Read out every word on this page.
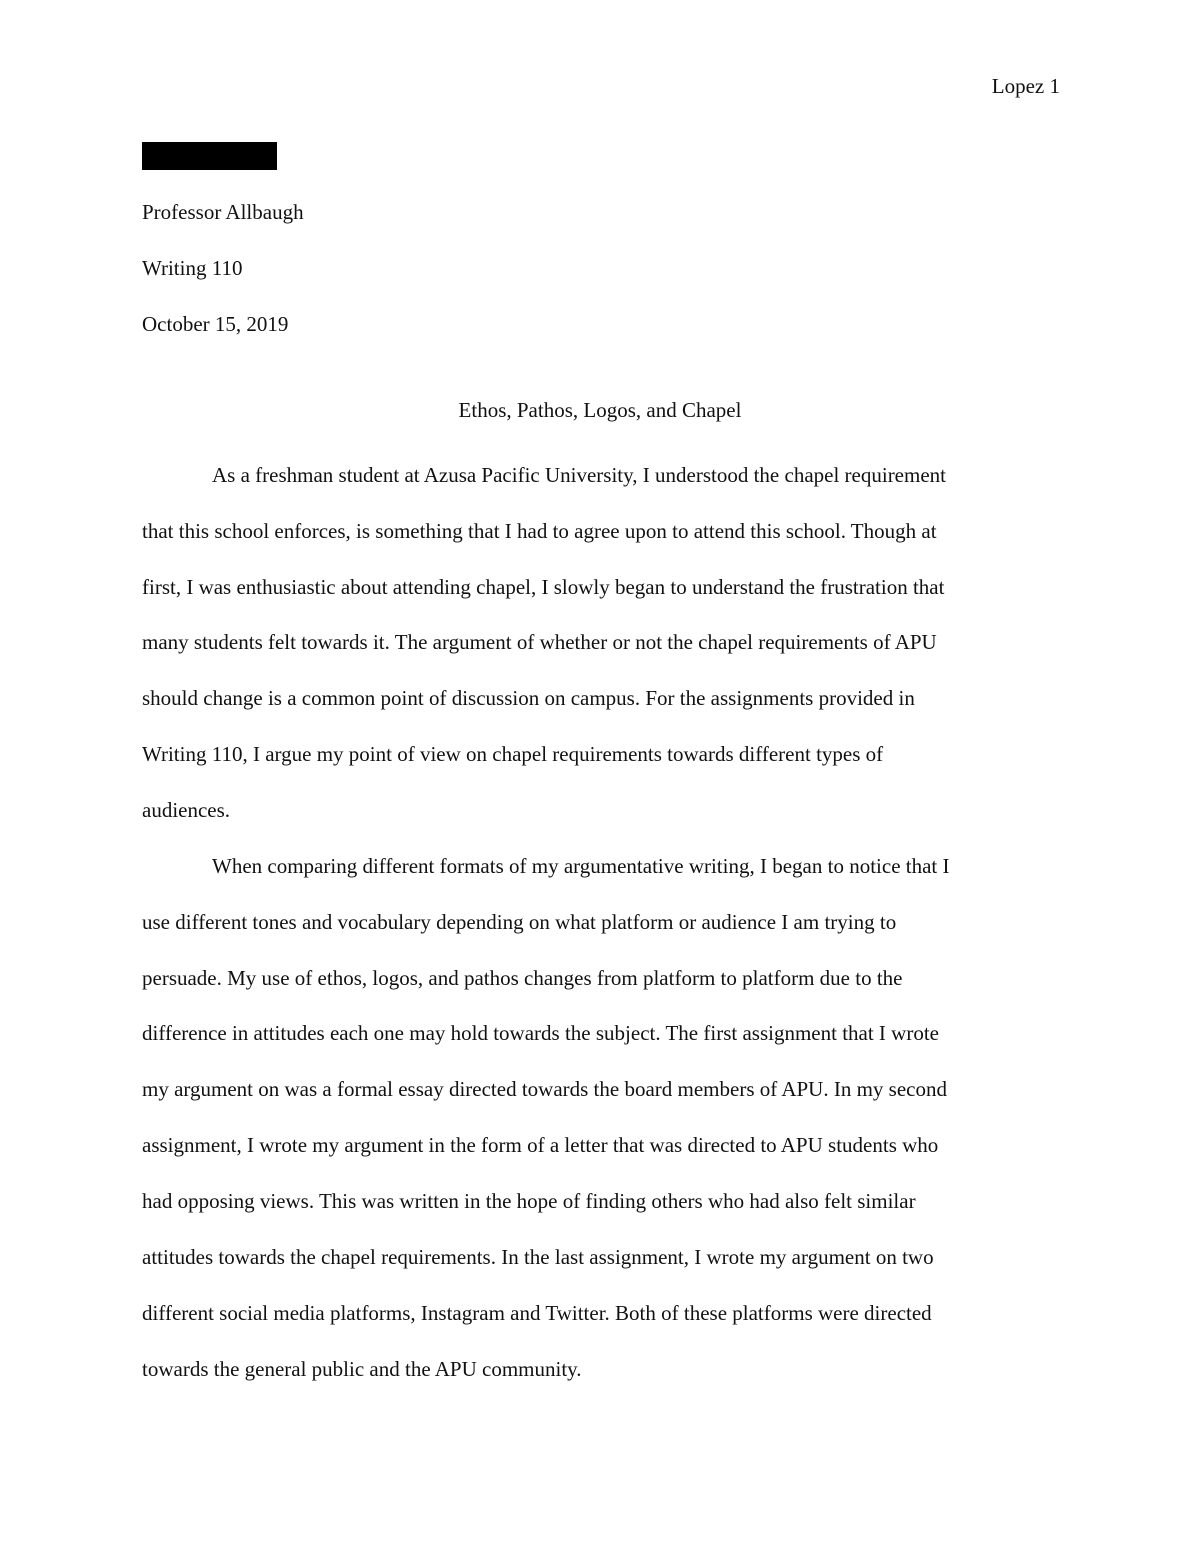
Lopez 1
Professor Allbaugh
Writing 110
October 15, 2019
Ethos, Pathos, Logos, and Chapel
As a freshman student at Azusa Pacific University, I understood the chapel requirement
that this school enforces, is something that I had to agree upon to attend this school. Though at
first, I was enthusiastic about attending chapel, I slowly began to understand the frustration that
many students felt towards it. The argument of whether or not the chapel requirements of APU
should change is a common point of discussion on campus. For the assignments provided in
Writing 110, I argue my point of view on chapel requirements towards different types of
audiences.
When comparing different formats of my argumentative writing, I began to notice that I
use different tones and vocabulary depending on what platform or audience I am trying to
persuade. My use of ethos, logos, and pathos changes from platform to platform due to the
difference in attitudes each one may hold towards the subject. The first assignment that I wrote
my argument on was a formal essay directed towards the board members of APU. In my second
assignment, I wrote my argument in the form of a letter that was directed to APU students who
had opposing views. This was written in the hope of finding others who had also felt similar
attitudes towards the chapel requirements. In the last assignment, I wrote my argument on two
different social media platforms, Instagram and Twitter. Both of these platforms were directed
towards the general public and the APU community.
